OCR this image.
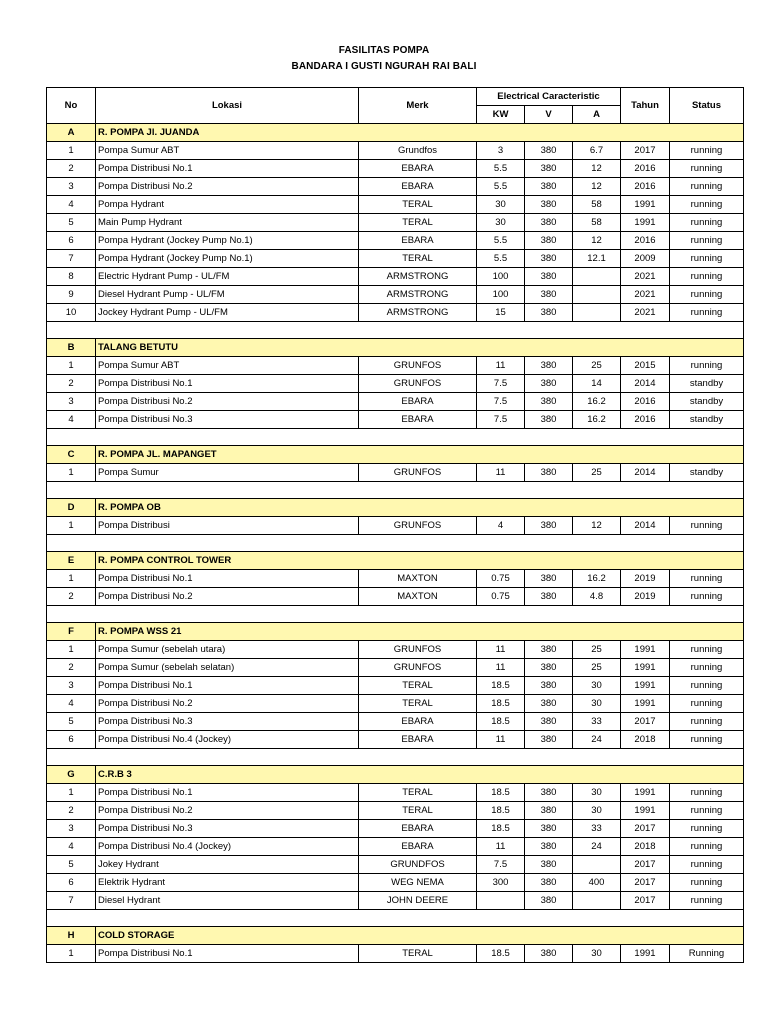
FASILITAS POMPA
BANDARA I GUSTI NGURAH RAI BALI
No	Lokasi	Merk	Electrical Caracteristic			Tahun	Status
			KW	V	A		
A	R. POMPA Jl. JUANDA						
1	Pompa Sumur ABT	Grundfos	3	380	6.7	2017	running
2	Pompa Distribusi No.1	EBARA	5.5	380	12	2016	running
3	Pompa Distribusi No.2	EBARA	5.5	380	12	2016	running
4	Pompa Hydrant	TERAL	30	380	58	1991	running
5	Main Pump Hydrant	TERAL	30	380	58	1991	running
6	Pompa Hydrant (Jockey Pump No.1)	EBARA	5.5	380	12	2016	running
7	Pompa Hydrant (Jockey Pump No.1)	TERAL	5.5	380	12.1	2009	running
8	Electric Hydrant Pump - UL/FM	ARMSTRONG	100	380		2021	running
9	Diesel Hydrant Pump - UL/FM	ARMSTRONG	100	380		2021	running
10	Jockey Hydrant Pump - UL/FM	ARMSTRONG	15	380		2021	running

B	TALANG BETUTU						
1	Pompa Sumur ABT	GRUNFOS	11	380	25	2015	running
2	Pompa Distribusi No.1	GRUNFOS	7.5	380	14	2014	standby
3	Pompa Distribusi No.2	EBARA	7.5	380	16.2	2016	standby
4	Pompa Distribusi No.3	EBARA	7.5	380	16.2	2016	standby

C	R. POMPA JL. MAPANGET						
1	Pompa Sumur	GRUNFOS	11	380	25	2014	standby

D	R. POMPA OB						
1	Pompa Distribusi	GRUNFOS	4	380	12	2014	running

E	R. POMPA CONTROL TOWER						
1	Pompa Distribusi No.1	MAXTON	0.75	380	16.2	2019	running
2	Pompa Distribusi No.2	MAXTON	0.75	380	4.8	2019	running

F	R. POMPA WSS 21						
1	Pompa Sumur (sebelah utara)	GRUNFOS	11	380	25	1991	running
2	Pompa Sumur (sebelah selatan)	GRUNFOS	11	380	25	1991	running
3	Pompa Distribusi No.1	TERAL	18.5	380	30	1991	running
4	Pompa Distribusi No.2	TERAL	18.5	380	30	1991	running
5	Pompa Distribusi No.3	EBARA	18.5	380	33	2017	running
6	Pompa Distribusi No.4 (Jockey)	EBARA	11	380	24	2018	running

G	C.R.B 3						
1	Pompa Distribusi No.1	TERAL	18.5	380	30	1991	running
2	Pompa Distribusi No.2	TERAL	18.5	380	30	1991	running
3	Pompa Distribusi No.3	EBARA	18.5	380	33	2017	running
4	Pompa Distribusi No.4 (Jockey)	EBARA	11	380	24	2018	running
5	Jokey Hydrant	GRUNDFOS	7.5	380		2017	running
6	Elektrik Hydrant	WEG NEMA	300	380	400	2017	running
7	Diesel Hydrant	JOHN DEERE		380		2017	running

H	COLD STORAGE						
1	Pompa Distribusi No.1	TERAL	18.5	380	30	1991	Running
